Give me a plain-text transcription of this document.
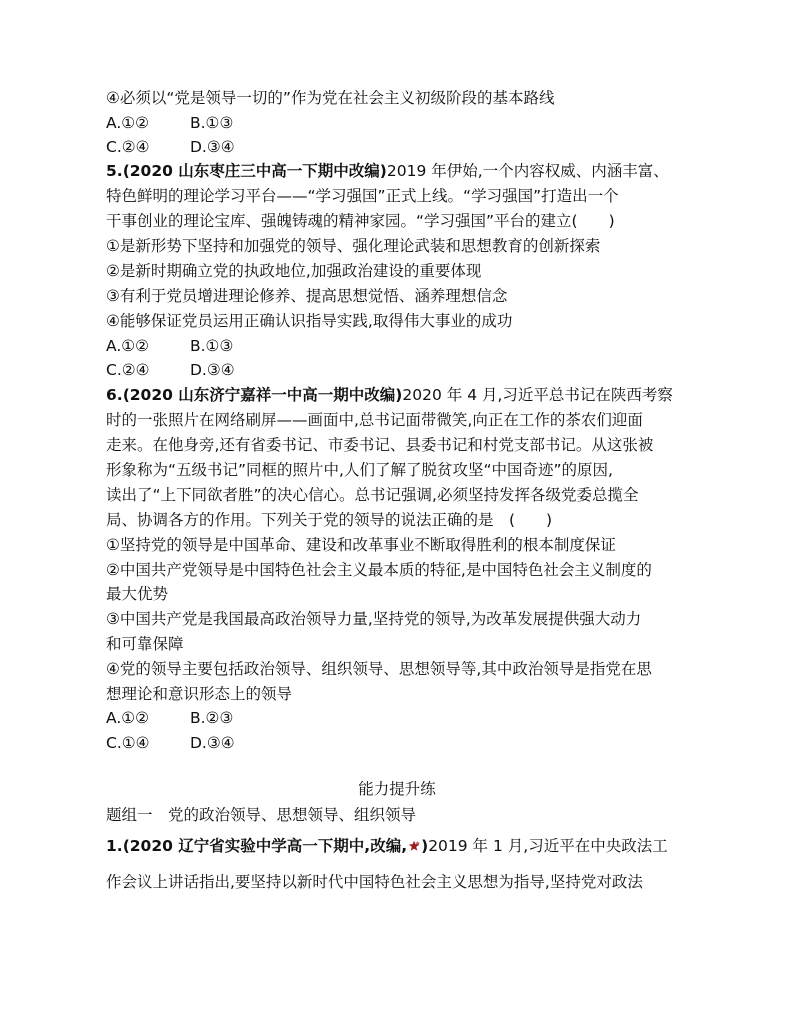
④必须以“党是领导一切的”作为党在社会主义初级阶段的基本路线
A.①②	B.①③
C.②④	D.③④
5.(2020 山东枣庄三中高一下期中改编)2019 年伊始,一个内容权威、内涵丰富、
特色鲜明的理论学习平台——“学习强国”正式上线。“学习强国”打造出一个
干事创业的理论宝库、强魄铸魂的精神家园。“学习强国”平台的建立(　　)
①是新形势下坚持和加强党的领导、强化理论武装和思想教育的创新探索
②是新时期确立党的执政地位,加强政治建设的重要体现
③有利于党员增进理论修养、提高思想觉悟、涵养理想信念
④能够保证党员运用正确认识指导实践,取得伟大事业的成功
A.①②	B.①③
C.②④	D.③④
6.(2020 山东济宁嘉祥一中高一期中改编)2020 年 4 月,习近平总书记在陕西考察
时的一张照片在网络刷屏——画面中,总书记面带微笑,向正在工作的茶农们迎面
走来。在他身旁,还有省委书记、市委书记、县委书记和村党支部书记。从这张被
形象称为“五级书记”同框的照片中,人们了解了脱贫攻坚“中国奇迹”的原因,
读出了“上下同欲者胜”的决心信心。总书记强调,必须坚持发挥各级党委总揽全
局、协调各方的作用。下列关于党的领导的说法正确的是　(　　)
①坚持党的领导是中国革命、建设和改革事业不断取得胜利的根本制度保证
②中国共产党领导是中国特色社会主义最本质的特征,是中国特色社会主义制度的
最大优势
③中国共产党是我国最高政治领导力量,坚持党的领导,为改革发展提供强大动力
和可靠保障
④党的领导主要包括政治领导、组织领导、思想领导等,其中政治领导是指党在思
想理论和意识形态上的领导
A.①②	B.②③
C.①④	D.③④
能力提升练
题组一　党的政治领导、思想领导、组织领导
1.(2020 辽宁省实验中学高一下期中,改编, )2019 年 1 月,习近平在中央政法工
作会议上讲话指出,要坚持以新时代中国特色社会主义思想为指导,坚持党对政法
